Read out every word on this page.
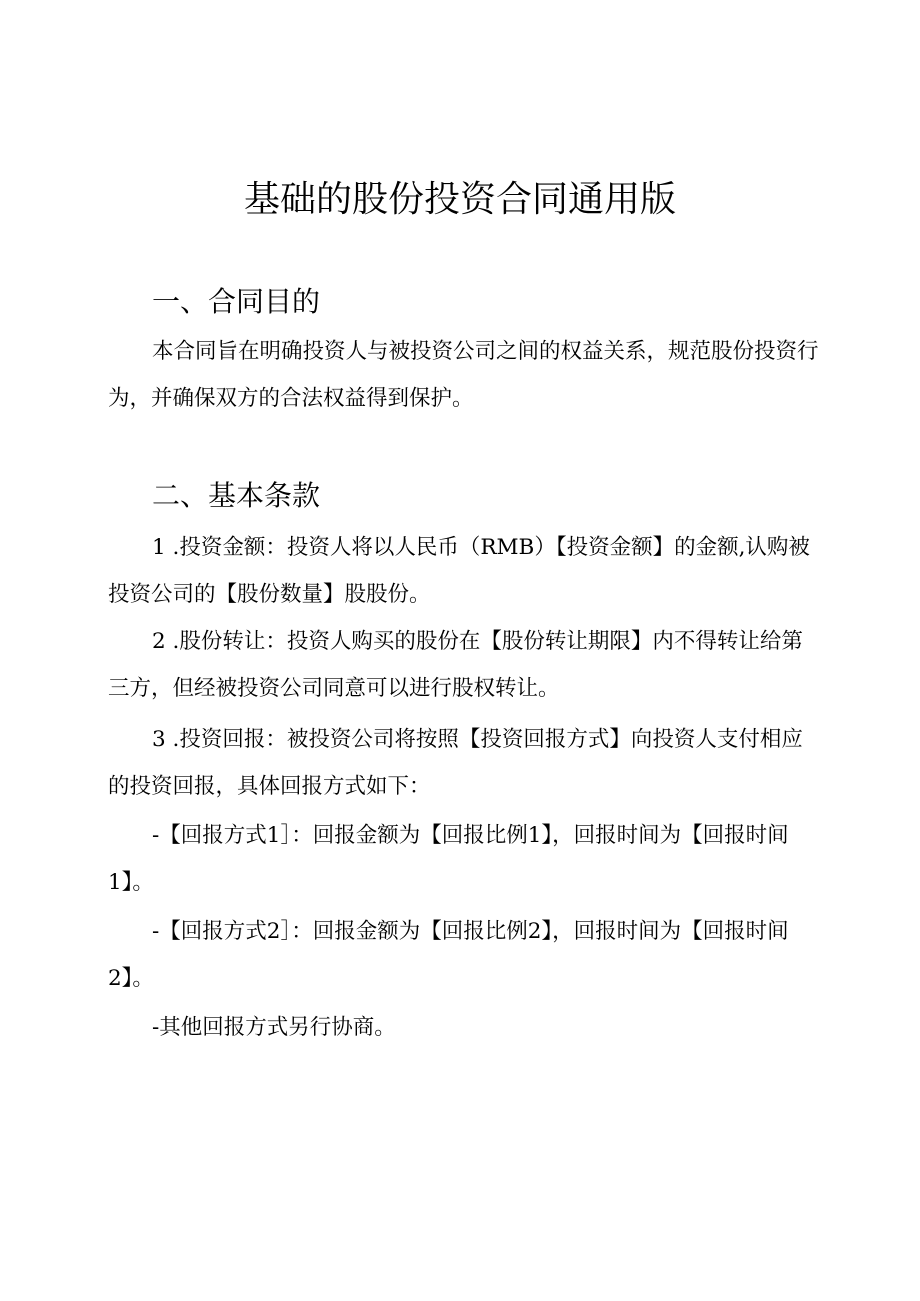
基础的股份投资合同通用版
一、合同目的

本合同旨在明确投资人与被投资公司之间的权益关系，规范股份投资行为，并确保双方的合法权益得到保护。

二、基本条款

1 .投资金额：投资人将以人民币（RMB）【投资金额】的金额,认购被投资公司的【股份数量】股股份。

2 .股份转让：投资人购买的股份在【股份转让期限】内不得转让给第三方，但经被投资公司同意可以进行股权转让。

3 .投资回报：被投资公司将按照【投资回报方式】向投资人支付相应的投资回报，具体回报方式如下：

-【回报方式1］：回报金额为【回报比例1】，回报时间为【回报时间1】。

-【回报方式2］：回报金额为【回报比例2】，回报时间为【回报时间2】。

-其他回报方式另行协商。
